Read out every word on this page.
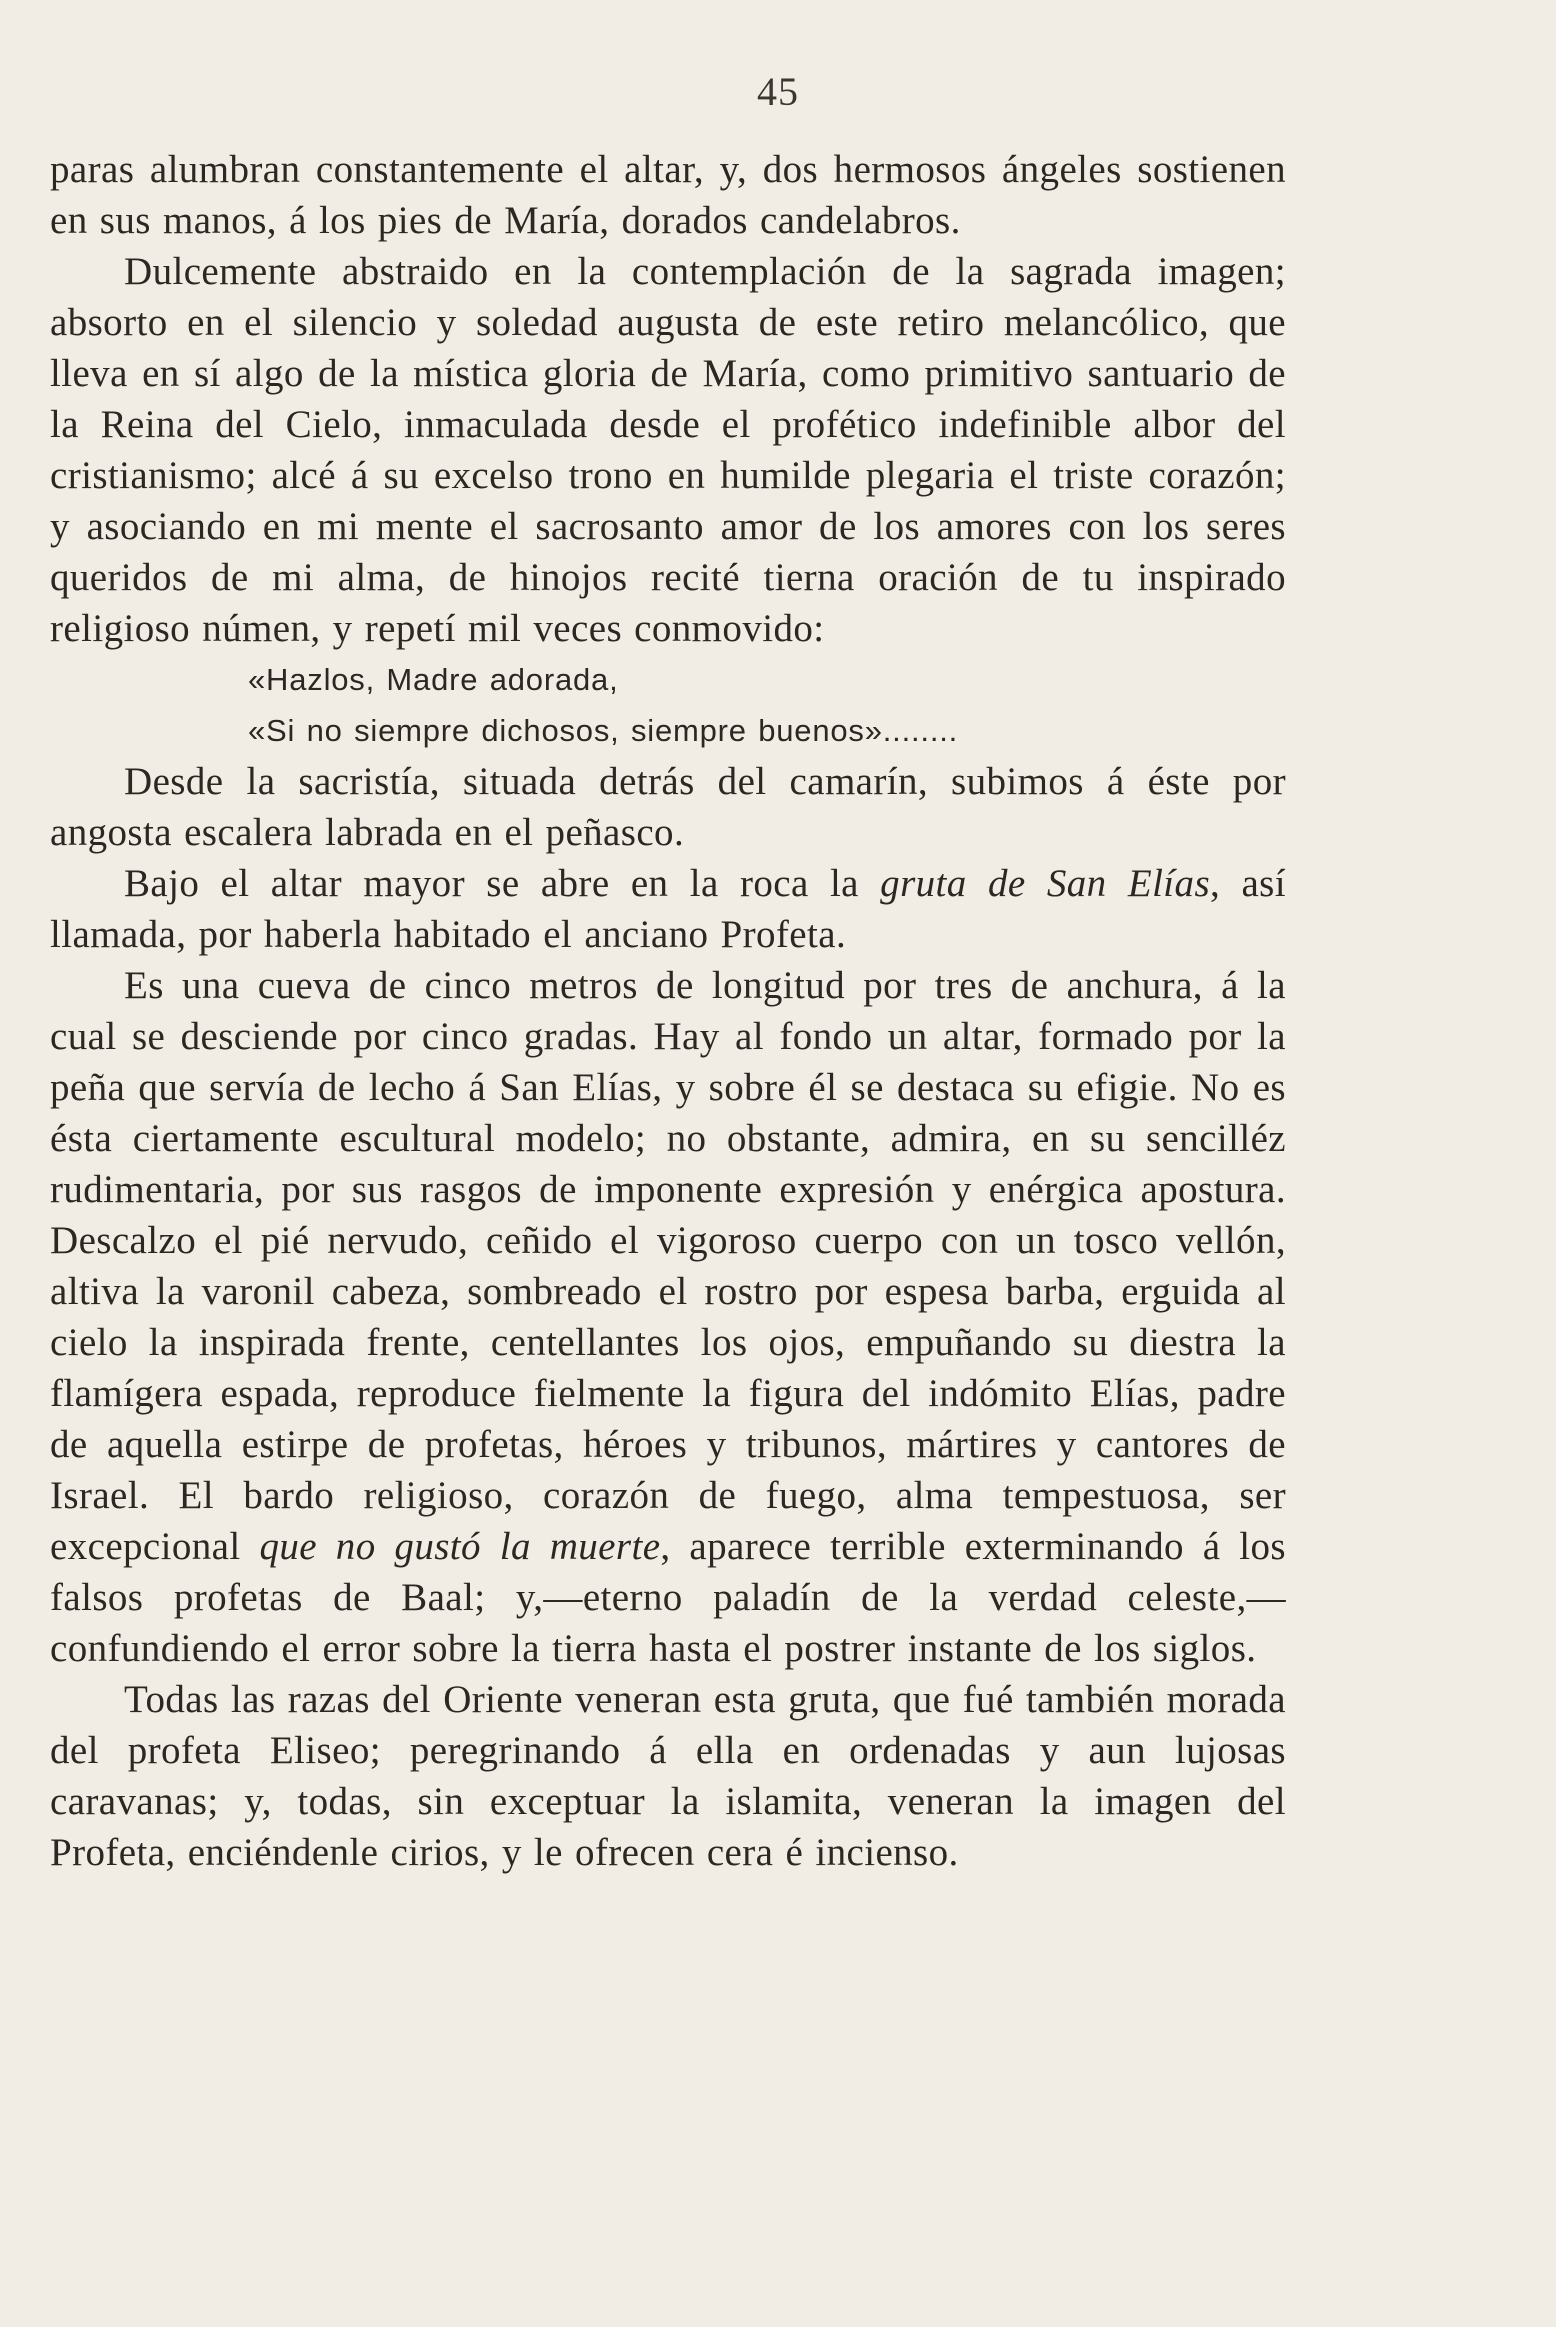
45

paras alumbran constantemente el altar, y, dos hermosos ángeles sostienen en sus manos, á los pies de María, dorados candelabros.

Dulcemente abstraido en la contemplación de la sagrada imagen; absorto en el silencio y soledad augusta de este retiro melancólico, que lleva en sí algo de la mística gloria de María, como primitivo santuario de la Reina del Cielo, inmaculada desde el profético indefinible albor del cristianismo; alcé á su excelso trono en humilde plegaria el triste corazón; y asociando en mi mente el sacrosanto amor de los amores con los seres queridos de mi alma, de hinojos recité tierna oración de tu inspirado religioso númen, y repetí mil veces conmovido:

«Hazlos, Madre adorada,

«Si no siempre dichosos, siempre buenos»........

Desde la sacristía, situada detrás del camarín, subimos á éste por angosta escalera labrada en el peñasco.

Bajo el altar mayor se abre en la roca la gruta de San Elías, así llamada, por haberla habitado el anciano Profeta.

Es una cueva de cinco metros de longitud por tres de anchura, á la cual se desciende por cinco gradas. Hay al fondo un altar, formado por la peña que servía de lecho á San Elías, y sobre él se destaca su efigie. No es ésta ciertamente escultural modelo; no obstante, admira, en su sencilléz rudimentaria, por sus rasgos de imponente expresión y enérgica apostura. Descalzo el pié nervudo, ceñido el vigoroso cuerpo con un tosco vellón, altiva la varonil cabeza, sombreado el rostro por espesa barba, erguida al cielo la inspirada frente, centellantes los ojos, empuñando su diestra la flamígera espada, reproduce fielmente la figura del indómito Elías, padre de aquella estirpe de profetas, héroes y tribunos, mártires y cantores de Israel. El bardo religioso, corazón de fuego, alma tempestuosa, ser excepcional que no gustó la muerte, aparece terrible exterminando á los falsos profetas de Baal; y,—eterno paladín de la verdad celeste,—confundiendo el error sobre la tierra hasta el postrer instante de los siglos.

Todas las razas del Oriente veneran esta gruta, que fué también morada del profeta Eliseo; peregrinando á ella en ordenadas y aun lujosas caravanas; y, todas, sin exceptuar la islamita, veneran la imagen del Profeta, enciéndenle cirios, y le ofrecen cera é incienso.
